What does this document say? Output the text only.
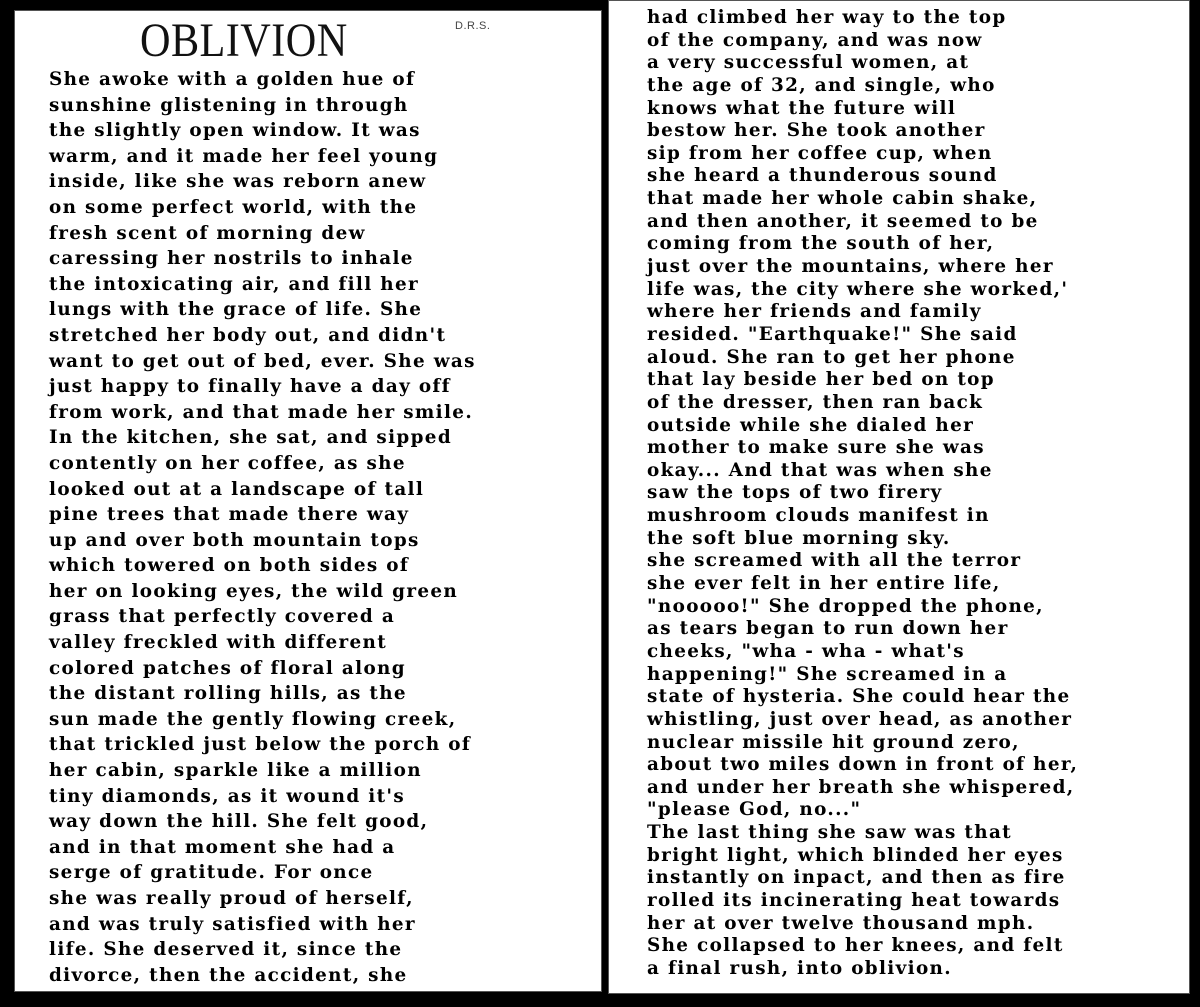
OBLIVION	D.R.S.
She awoke with a golden hue of
sunshine glistening in through
the slightly open window. It was
warm, and it made her feel young
inside, like she was reborn anew
on some perfect world, with the
fresh scent of morning dew
caressing her nostrils to inhale
the intoxicating air, and fill her
lungs with the grace of life. She
stretched her body out, and didn't
want to get out of bed, ever. She was
just happy to finally have a day off
from work, and that made her smile.
In the kitchen, she sat, and sipped
contently on her coffee, as she
looked out at a landscape of tall
pine trees that made there way
up and over both mountain tops
which towered on both sides of
her on looking eyes, the wild green
grass that perfectly covered a
valley freckled with different
colored patches of floral along
the distant rolling hills, as the
sun made the gently flowing creek,
that trickled just below the porch of
her cabin, sparkle like a million
tiny diamonds, as it wound it's
way down the hill. She felt good,
and in that moment she had a
serge of gratitude. For once
she was really proud of herself,
and was truly satisfied with her
life. She deserved it, since the
divorce, then the accident, she
had climbed her way to the top
of the company, and was now
a very successful women, at
the age of 32, and single, who
knows what the future will
bestow her. She took another
sip from her coffee cup, when
she heard a thunderous sound
that made her whole cabin shake,
and then another, it seemed to be
coming from the south of her,
just over the mountains, where her
life was, the city where she worked,'
where her friends and family
resided. "Earthquake!" She said
aloud. She ran to get her phone
that lay beside her bed on top
of the dresser, then ran back
outside while she dialed her
mother to make sure she was
okay... And that was when she
saw the tops of two firery
mushroom clouds manifest in
the soft blue morning sky.
she screamed with all the terror
she ever felt in her entire life,
"nooooo!" She dropped the phone,
as tears began to run down her
cheeks, "wha - wha - what's
happening!" She screamed in a
state of hysteria. She could hear the
whistling, just over head, as another
nuclear missile hit ground zero,
about two miles down in front of her,
and under her breath she whispered,
"please God, no..."
The last thing she saw was that
bright light, which blinded her eyes
instantly on inpact, and then as fire
rolled its incinerating heat towards
her at over twelve thousand mph.
She collapsed to her knees, and felt
a final rush, into oblivion.
